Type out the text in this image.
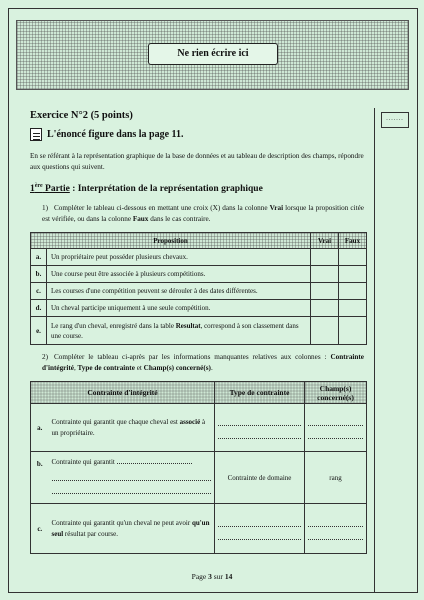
Ne rien écrire ici
.......
Exercice N°2 (5 points)
L'énoncé figure dans la page 11.
En se référant à la représentation graphique de la base de données et au tableau de description des champs, répondre aux questions qui suivent.
1ère Partie : Interprétation de la représentation graphique
1) Compléter le tableau ci-dessous en mettant une croix (X) dans la colonne Vrai lorsque la proposition citée est vérifiée, ou dans la colonne Faux dans le cas contraire.
Proposition		Vrai	Faux
a.	Un propriétaire peut posséder plusieurs chevaux.		
b.	Une course peut être associée à plusieurs compétitions.		
c.	Les courses d'une compétition peuvent se dérouler à des dates différentes.		
d.	Un cheval participe uniquement à une seule compétition.		
e.	Le rang d'un cheval, enregistré dans la table Resultat, correspond à son classement dans une course.		
2) Compléter le tableau ci-après par les informations manquantes relatives aux colonnes : Contrainte d'intégrité, Type de contrainte et Champ(s) concerné(s).
Contrainte d'intégrité		Type de contrainte	Champ(s) concerné(s)
a.	Contrainte qui garantit que chaque cheval est associé à un propriétaire.	

b.	Contrainte qui garantit	Contrainte de domaine	rang
c.	Contrainte qui garantit qu'un cheval ne peut avoir qu'un seul résultat par course.	

Page 3 sur 14
